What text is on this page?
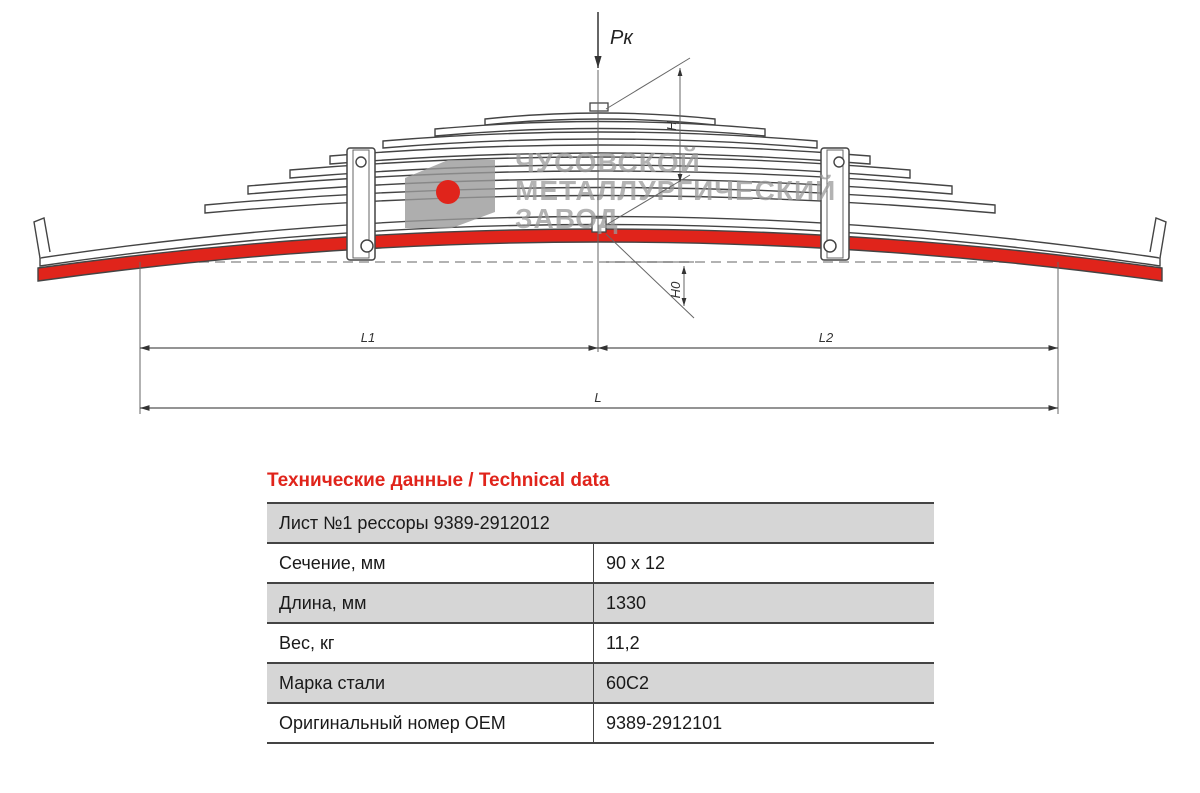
ЧУСОВСКОЙ
МЕТАЛЛУРГИЧЕСКИЙ
ЗАВОД
Pк
H
H0
L1	L2
L
Технические данные / Technical data
Лист №1 рессоры 9389-2912012	
Сечение, мм	90 x 12
Длина, мм	1330
Вес, кг	11,2
Марка стали	60С2
Оригинальный номер OEM	9389-2912101
